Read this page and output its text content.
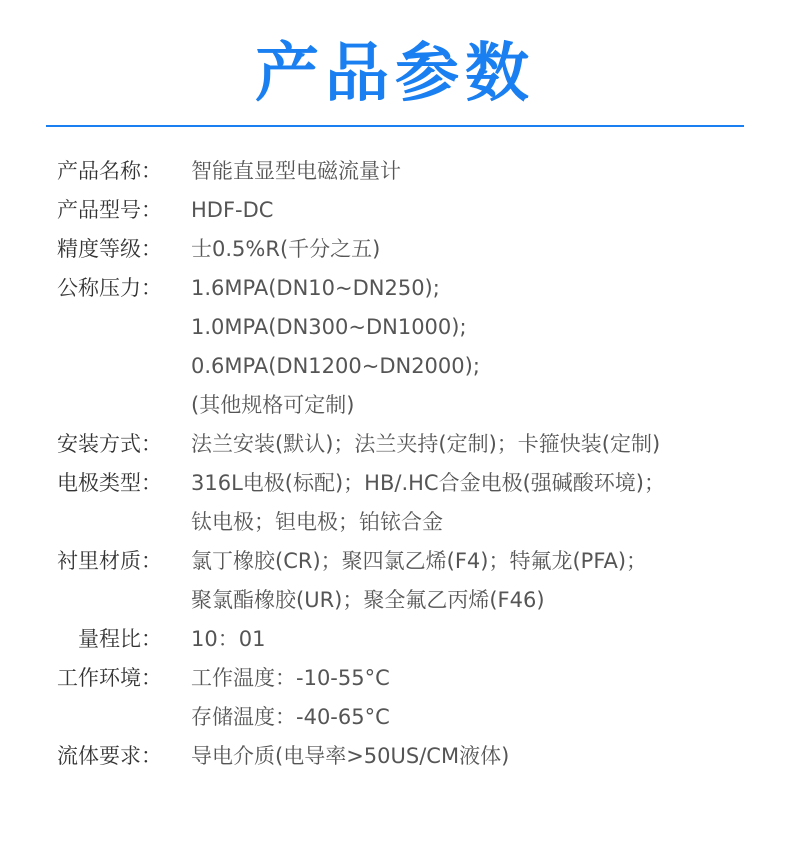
产品参数
产品名称： 智能直显型电磁流量计
产品型号： HDF-DC
精度等级： 士0.5%R(千分之五)
公称压力： 1.6MPA(DN10~DN250);
1.0MPA(DN300~DN1000);
0.6MPA(DN1200~DN2000);
(其他规格可定制)
安装方式： 法兰安装(默认)；法兰夹持(定制)；卡箍快装(定制)
电极类型： 316L电极(标配)；HB/.HC合金电极(强碱酸环境)；
钛电极；钽电极；铂铱合金
衬里材质： 氯丁橡胶(CR)；聚四氯乙烯(F4)；特氟龙(PFA)；
聚氯酯橡胶(UR)；聚全氟乙丙烯(F46)
量程比： 10：01
工作环境： 工作温度：-10-55°C
存储温度：-40-65°C
流体要求： 导电介质(电导率>50US/CM液体)
